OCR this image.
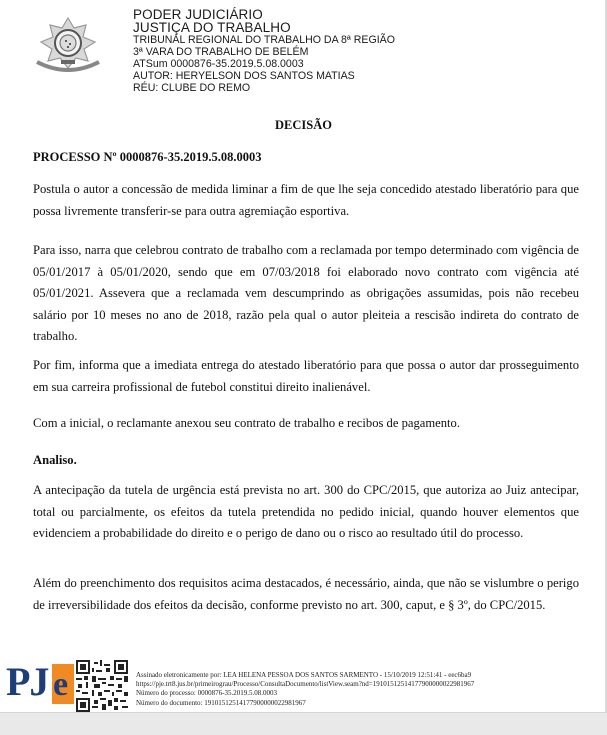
PODER JUDICIÁRIO
JUSTIÇA DO TRABALHO
TRIBUNAL REGIONAL DO TRABALHO DA 8ª REGIÃO
3ª VARA DO TRABALHO DE BELÉM
ATSum 0000876-35.2019.5.08.0003
AUTOR: HERYELSON DOS SANTOS MATIAS
RÉU: CLUBE DO REMO
DECISÃO
PROCESSO Nº 0000876-35.2019.5.08.0003
Postula o autor a concessão de medida liminar a fim de que lhe seja concedido atestado liberatório para que possa livremente transferir-se para outra agremiação esportiva.
Para isso, narra que celebrou contrato de trabalho com a reclamada por tempo determinado com vigência de 05/01/2017 à 05/01/2020, sendo que em 07/03/2018 foi elaborado novo contrato com vigência até 05/01/2021. Assevera que a reclamada vem descumprindo as obrigações assumidas, pois não recebeu salário por 10 meses no ano de 2018, razão pela qual o autor pleiteia a rescisão indireta do contrato de trabalho.
Por fim, informa que a imediata entrega do atestado liberatório para que possa o autor dar prosseguimento em sua carreira profissional de futebol constitui direito inalienável.
Com a inicial, o reclamante anexou seu contrato de trabalho e recibos de pagamento.
Analiso.
A antecipação da tutela de urgência está prevista no art. 300 do CPC/2015, que autoriza ao Juiz antecipar, total ou parcialmente, os efeitos da tutela pretendida no pedido inicial, quando houver elementos que evidenciem a probabilidade do direito e o perigo de dano ou o risco ao resultado útil do processo.
Além do preenchimento dos requisitos acima destacados, é necessário, ainda, que não se vislumbre o perigo de irreversibilidade dos efeitos da decisão, conforme previsto no art. 300, caput, e § 3º, do CPC/2015.
PJ e	Assinado eletronicamente por: LEA HELENA PESSOA DOS SANTOS SARMENTO - 15/10/2019 12:51:41 - eec6ba9
https://pje.trt8.jus.br/primeirograu/Processo/ConsultaDocumento/listView.seam?nd=19101512514177900000022981967
Número do processo: 0000876-35.2019.5.08.0003
Número do documento: 19101512514177900000022981967
